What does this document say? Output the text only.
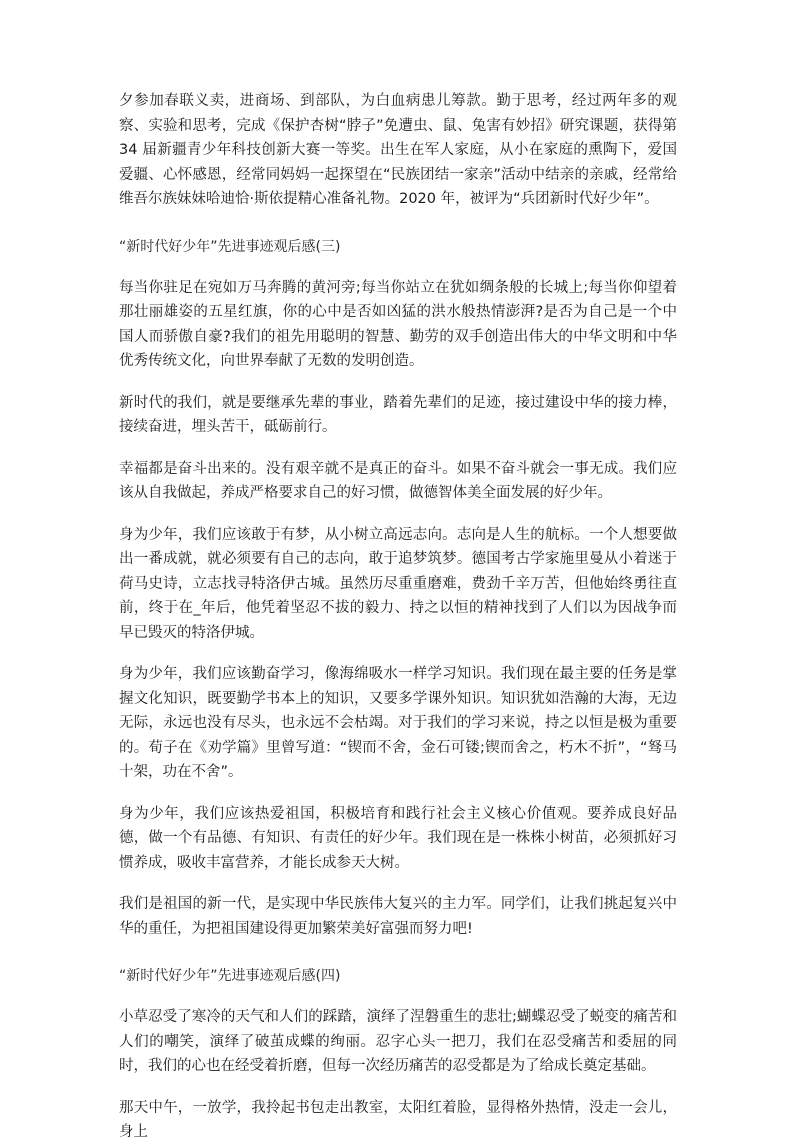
夕参加春联义卖，进商场、到部队，为白血病患儿筹款。勤于思考，经过两年多的观察、实验和思考，完成《保护杏树“脖子”免遭虫、鼠、兔害有妙招》研究课题，获得第 34 届新疆青少年科技创新大赛一等奖。出生在军人家庭，从小在家庭的熏陶下，爱国爱疆、心怀感恩，经常同妈妈一起探望在“民族团结一家亲”活动中结亲的亲戚，经常给维吾尔族妹妹哈迪恰·斯依提精心准备礼物。2020 年，被评为“兵团新时代好少年”。

“新时代好少年”先进事迹观后感(三)

每当你驻足在宛如万马奔腾的黄河旁;每当你站立在犹如绸条般的长城上;每当你仰望着那壮丽雄姿的五星红旗，你的心中是否如凶猛的洪水般热情澎湃?是否为自己是一个中国人而骄傲自豪?我们的祖先用聪明的智慧、勤劳的双手创造出伟大的中华文明和中华优秀传统文化，向世界奉献了无数的发明创造。

新时代的我们，就是要继承先辈的事业，踏着先辈们的足迹，接过建设中华的接力棒，接续奋进，埋头苦干，砥砺前行。

幸福都是奋斗出来的。没有艰辛就不是真正的奋斗。如果不奋斗就会一事无成。我们应该从自我做起，养成严格要求自己的好习惯，做德智体美全面发展的好少年。

身为少年，我们应该敢于有梦，从小树立高远志向。志向是人生的航标。一个人想要做出一番成就，就必须要有自己的志向，敢于追梦筑梦。德国考古学家施里曼从小着迷于荷马史诗，立志找寻特洛伊古城。虽然历尽重重磨难，费劲千辛万苦，但他始终勇往直前，终于在_年后，他凭着坚忍不拔的毅力、持之以恒的精神找到了人们以为因战争而早已毁灭的特洛伊城。

身为少年，我们应该勤奋学习，像海绵吸水一样学习知识。我们现在最主要的任务是掌握文化知识，既要勤学书本上的知识，又要多学课外知识。知识犹如浩瀚的大海，无边无际，永远也没有尽头，也永远不会枯竭。对于我们的学习来说，持之以恒是极为重要的。荀子在《劝学篇》里曾写道：“锲而不舍，金石可镂;锲而舍之，朽木不折”，“驽马十架，功在不舍”。

身为少年，我们应该热爱祖国，积极培育和践行社会主义核心价值观。要养成良好品德，做一个有品德、有知识、有责任的好少年。我们现在是一株株小树苗，必须抓好习惯养成，吸收丰富营养，才能长成参天大树。

我们是祖国的新一代，是实现中华民族伟大复兴的主力军。同学们，让我们挑起复兴中华的重任，为把祖国建设得更加繁荣美好富强而努力吧!

“新时代好少年”先进事迹观后感(四)

小草忍受了寒冷的天气和人们的踩踏，演绎了涅磐重生的悲壮;蝴蝶忍受了蜕变的痛苦和人们的嘲笑，演绎了破茧成蝶的绚丽。忍字心头一把刀，我们在忍受痛苦和委屈的同时，我们的心也在经受着折磨，但每一次经历痛苦的忍受都是为了给成长奠定基础。

那天中午，一放学，我拎起书包走出教室，太阳红着脸，显得格外热情，没走一会儿，身上
